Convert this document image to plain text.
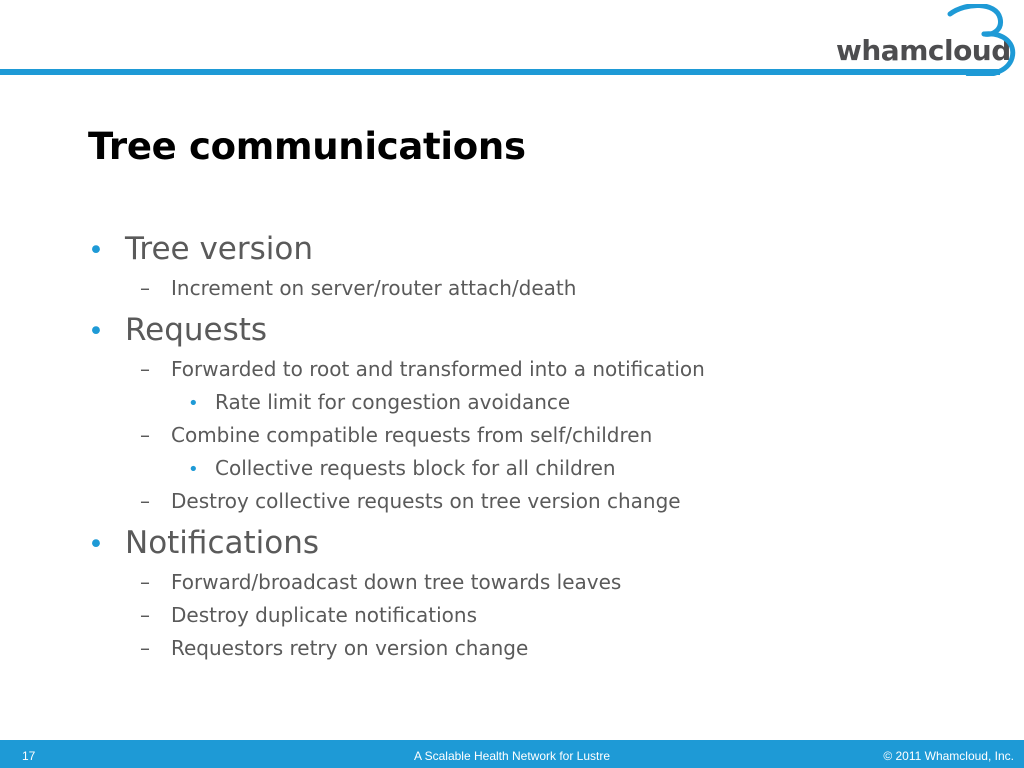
whamcloud
Tree communications
• Tree version
– Increment on server/router attach/death
• Requests
– Forwarded to root and transformed into a notification
• Rate limit for congestion avoidance
– Combine compatible requests from self/children
• Collective requests block for all children
– Destroy collective requests on tree version change
• Notifications
– Forward/broadcast down tree towards leaves
– Destroy duplicate notifications
– Requestors retry on version change
17	A Scalable Health Network for Lustre	© 2011 Whamcloud, Inc.
